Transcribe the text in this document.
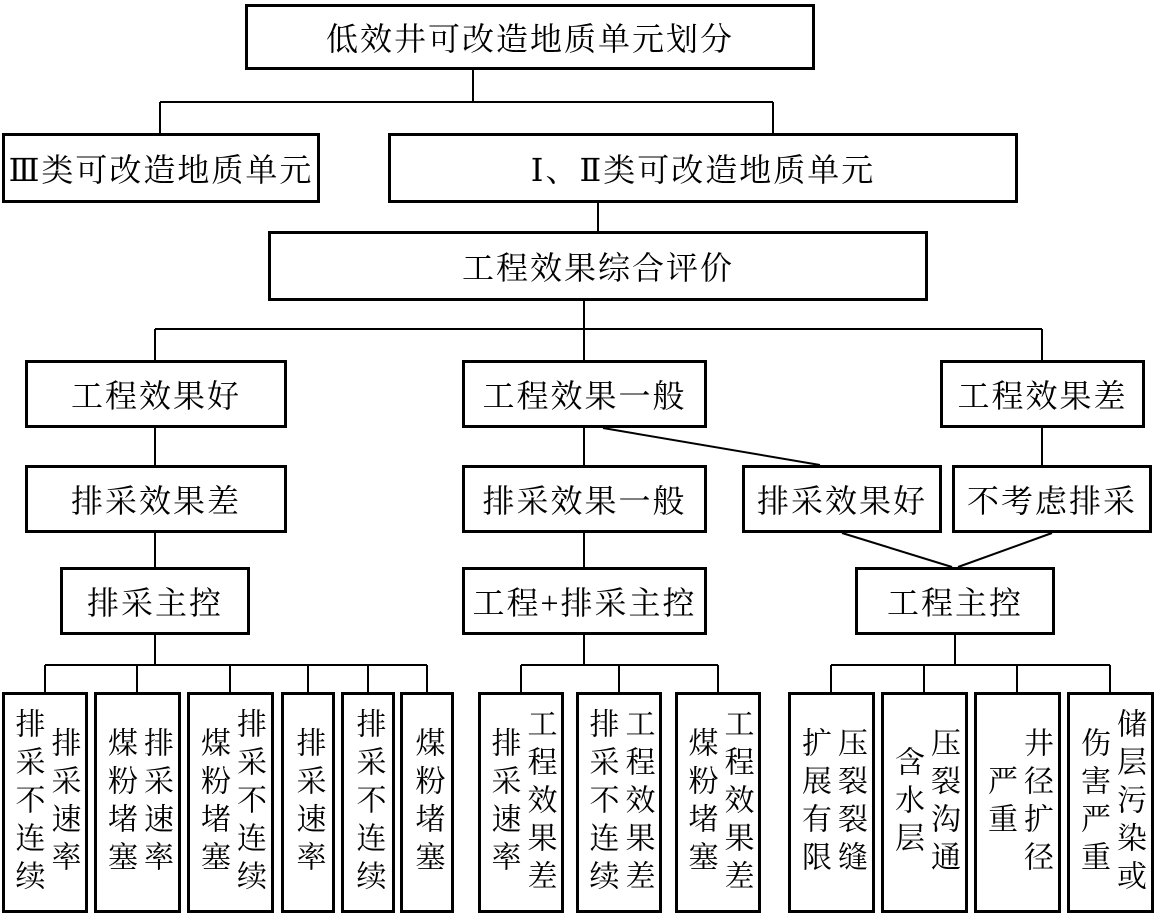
低效井可改造地质单元划分
Ⅲ类可改造地质单元	Ⅰ、Ⅱ类可改造地质单元
工程效果综合评价
工程效果好	工程效果一般	工程效果差
排采效果差	排采效果一般	排采效果好	不考虑排采
排采主控	工程+排采主控	工程主控
排采速率
排采不连续	排采速率
煤粉堵塞	排采不连续
煤粉堵塞 排采速率 排采不连续 煤粉堵塞	工程效果差
排采速率	工程效果差
排采不连续	工程效果差
煤粉堵塞	压裂裂缝
扩展有限	压裂沟通
含水层	井径扩径
严重	储层污染或
伤害严重
